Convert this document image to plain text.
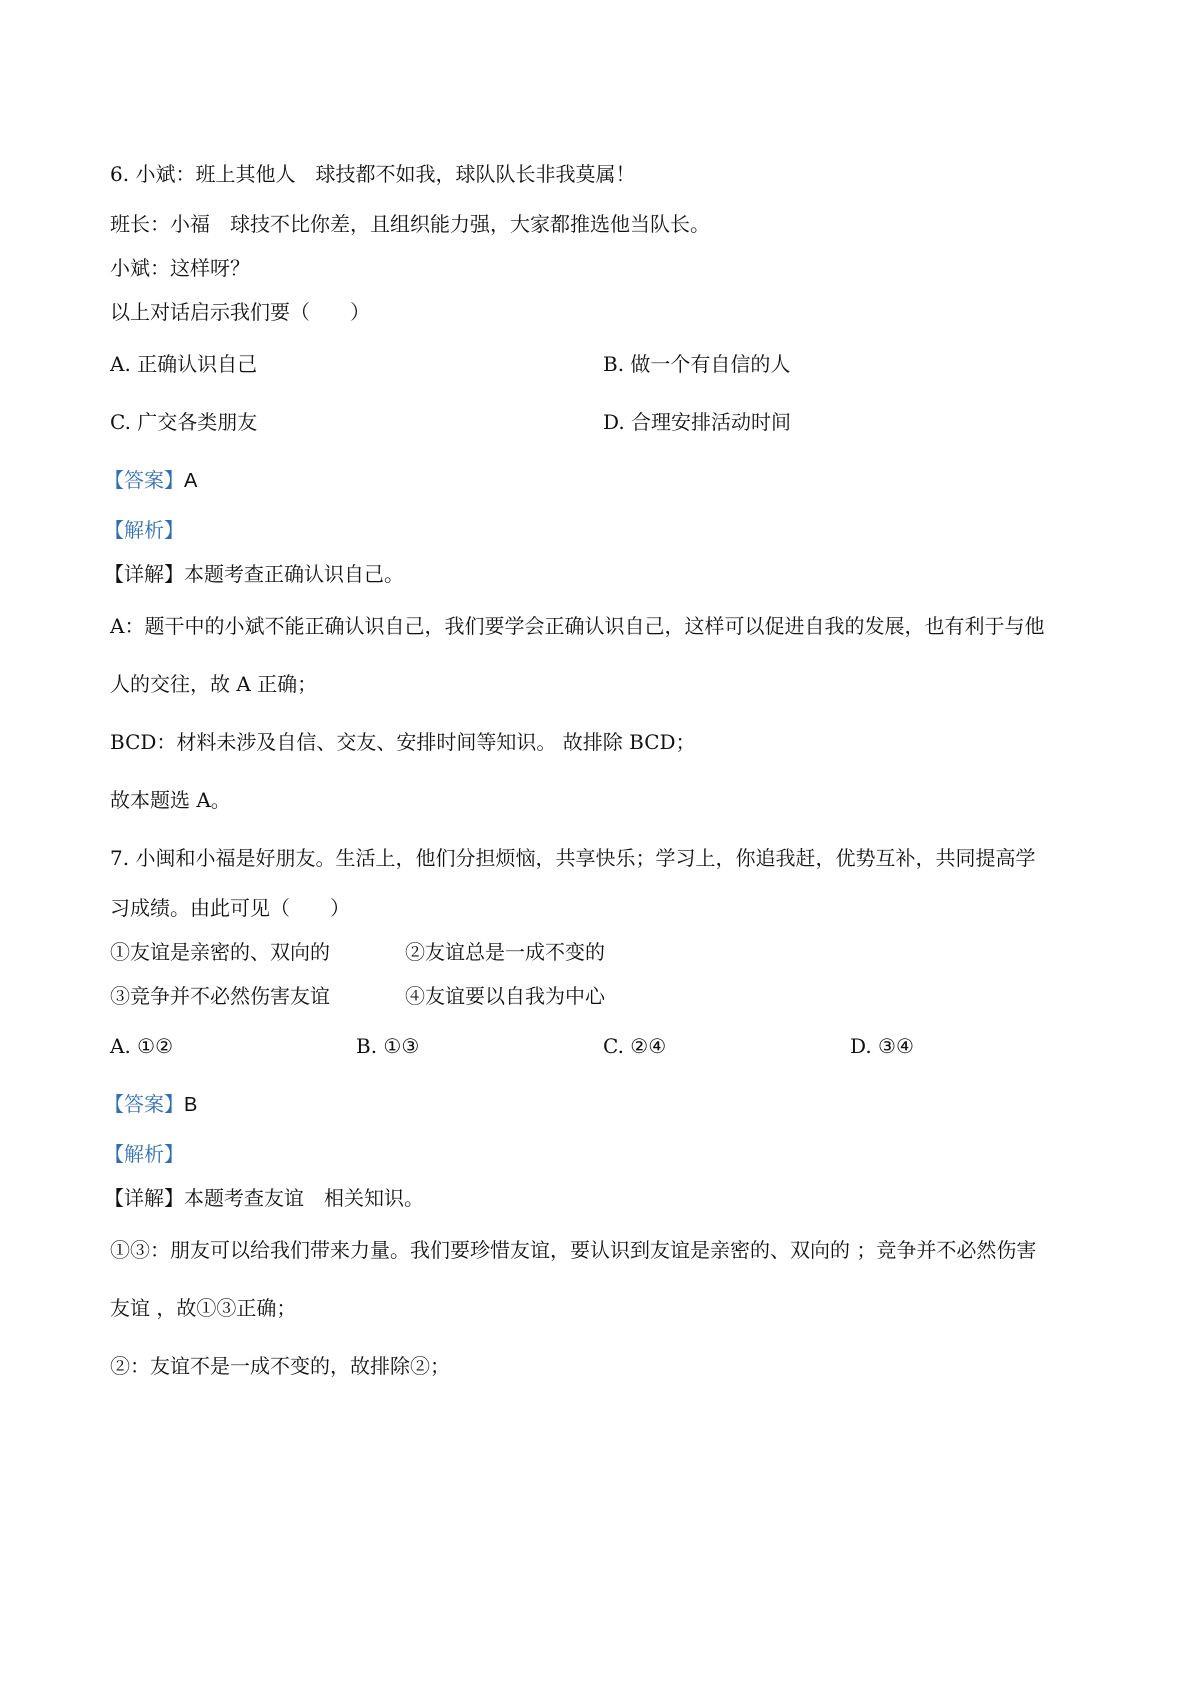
6. 小斌：班上其他人　球技都不如我，球队队长非我莫属！
班长：小福　球技不比你差，且组织能力强，大家都推选他当队长。
小斌：这样呀？
以上对话启示我们要（　　）
A. 正确认识自己	B. 做一个有自信的人
C. 广交各类朋友	D. 合理安排活动时间
【答案】A
【解析】
【详解】本题考查正确认识自己。
A：题干中的小斌不能正确认识自己，我们要学会正确认识自己，这样可以促进自我的发展，也有利于与他
人的交往，故 A 正确；
BCD：材料未涉及自信、交友、安排时间等知识。 故排除 BCD；
故本题选 A。
7. 小闽和小福是好朋友。生活上，他们分担烦恼，共享快乐；学习上，你追我赶，优势互补，共同提高学
习成绩。由此可见（　　）
①友谊是亲密的、双向的	②友谊总是一成不变的
③竞争并不必然伤害友谊	④友谊要以自我为中心
A. ①②	B. ①③	C. ②④	D. ③④
【答案】B
【解析】
【详解】本题考查友谊　相关知识。
①③：朋友可以给我们带来力量。我们要珍惜友谊，要认识到友谊是亲密的、双向的 ；竞争并不必然伤害
友谊 ，故①③正确；
②：友谊不是一成不变的，故排除②；
